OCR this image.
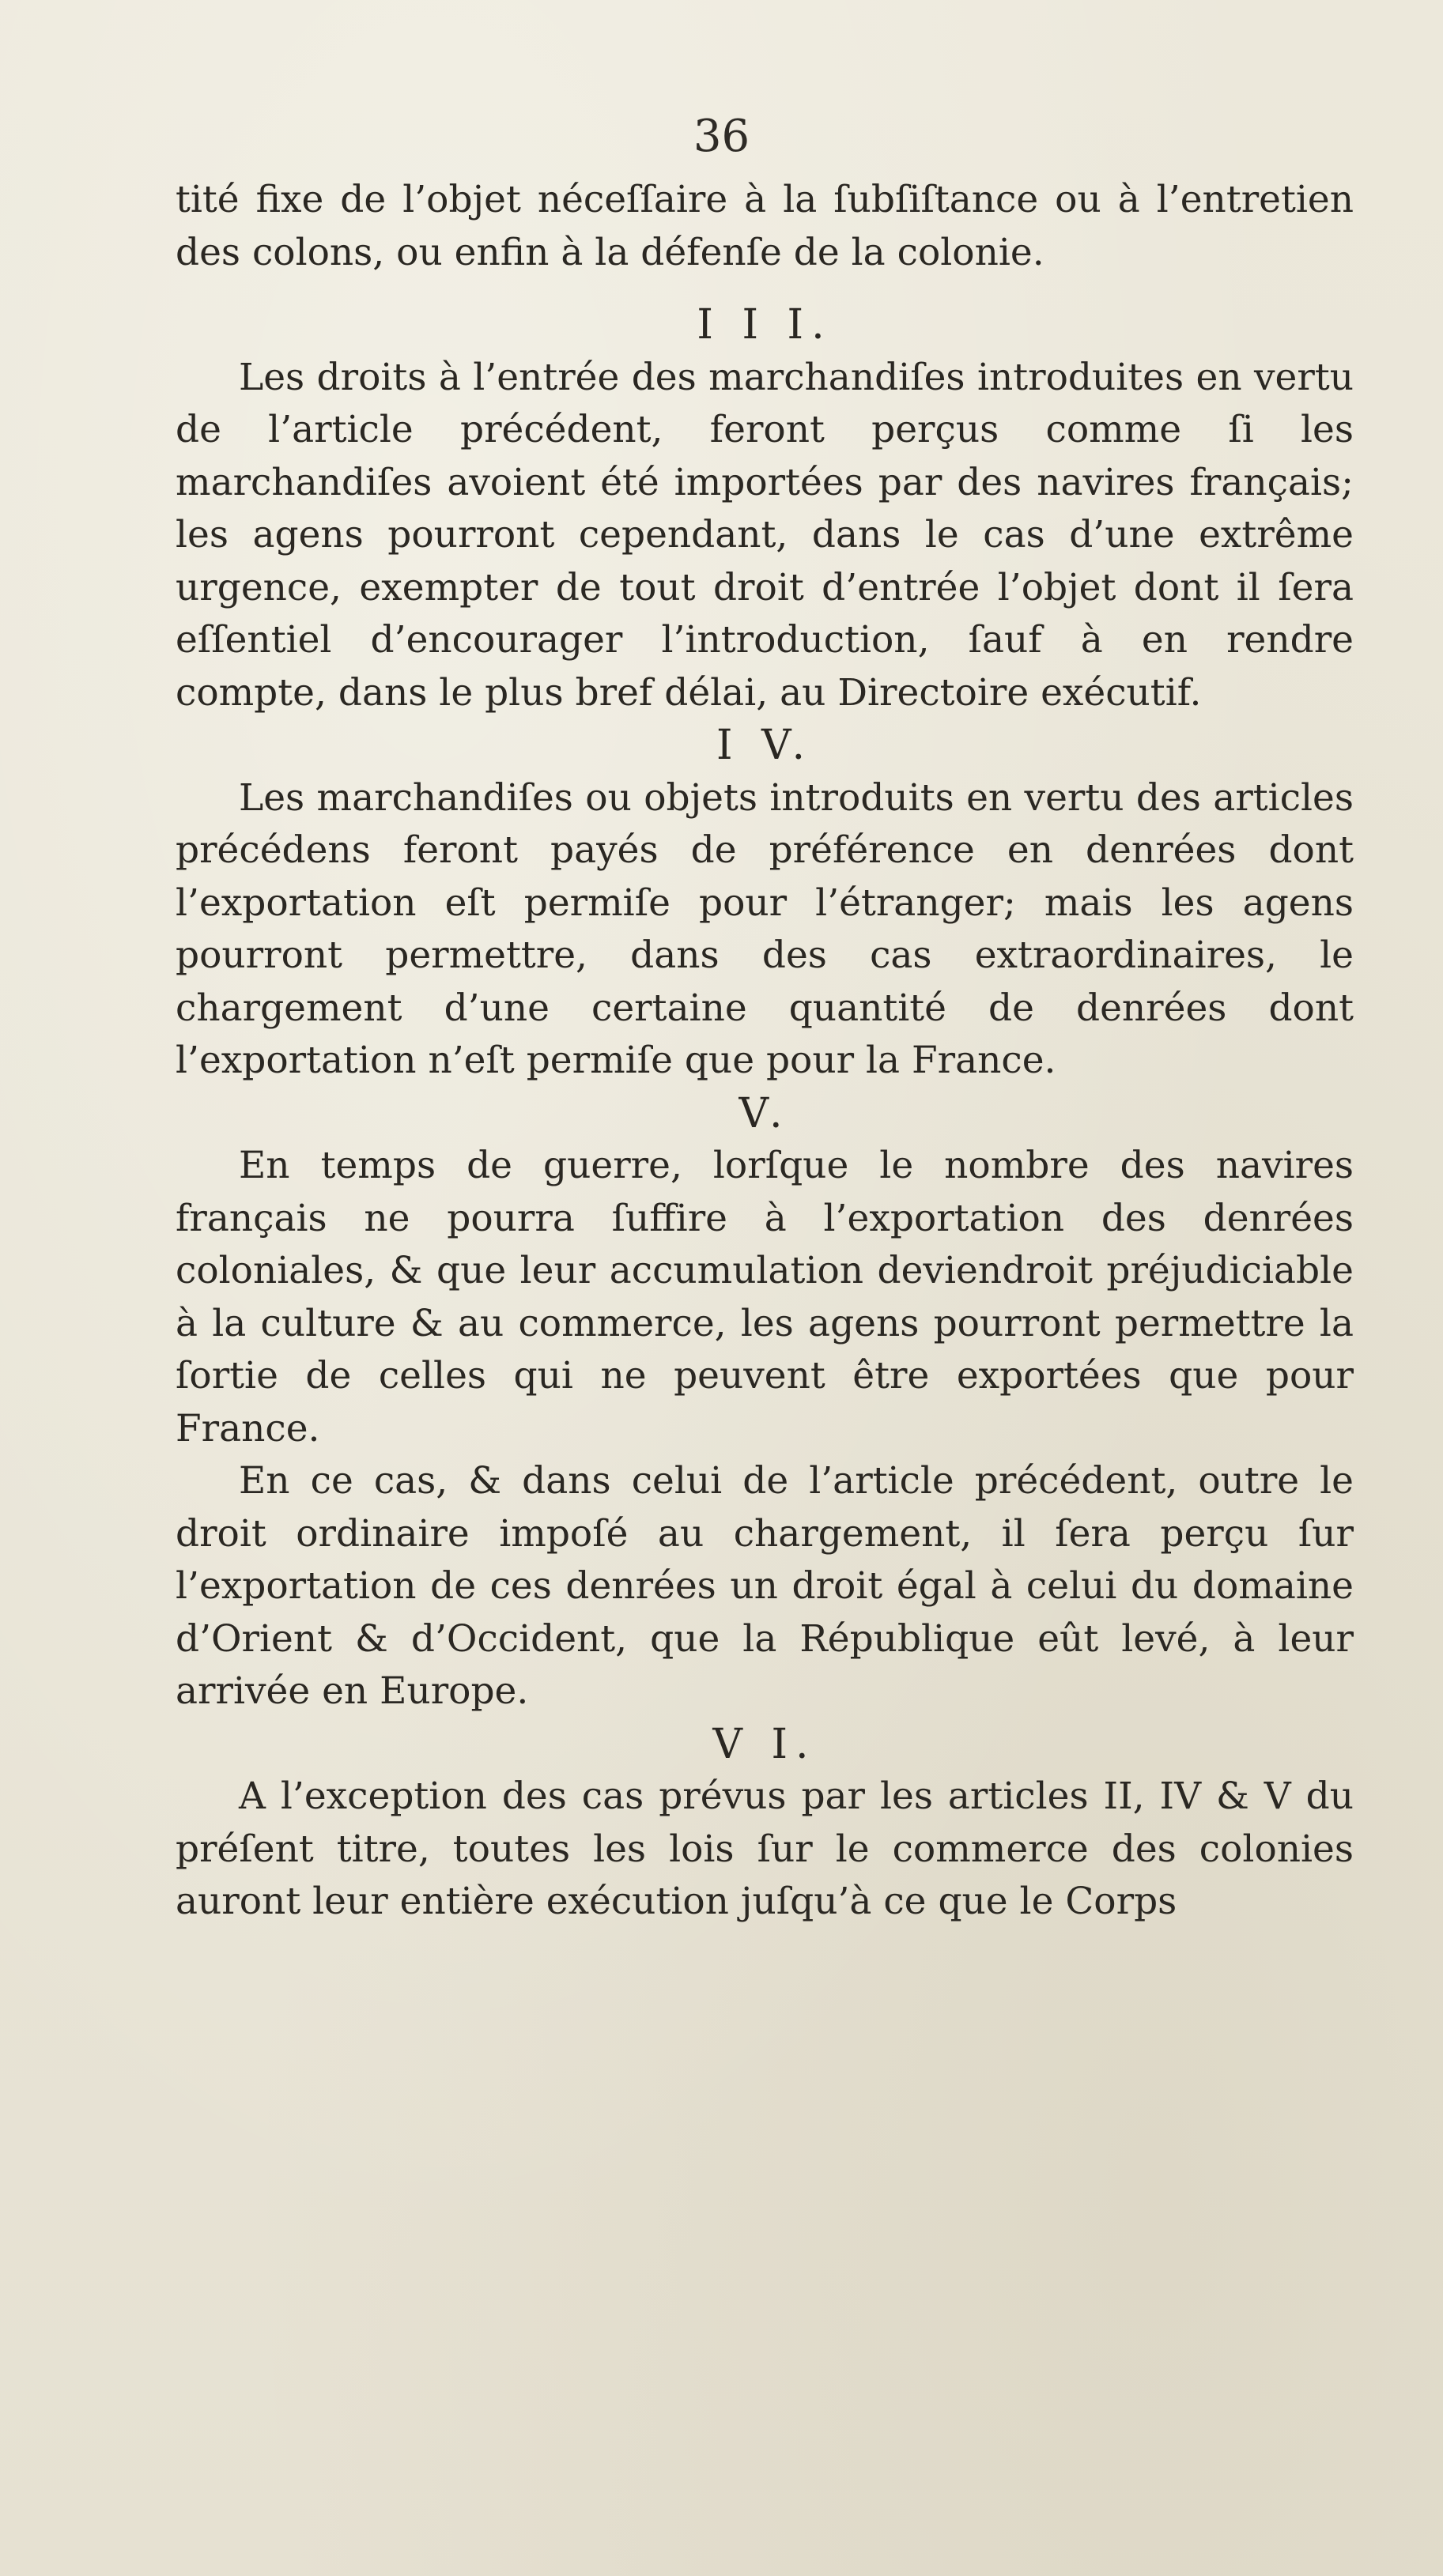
36

tité fixe de l’objet néceſſaire à la ſubſiſtance ou à l’entretien des colons, ou enfin à la défenſe de la colonie.

I I I.

Les droits à l’entrée des marchandiſes introduites en vertu de l’article précédent, feront perçus comme ſi les marchandiſes avoient été importées par des navires français; les agens pourront cependant, dans le cas d’une extrême urgence, exempter de tout droit d’entrée l’objet dont il ſera eſſentiel d’encourager l’introduction, ſauf à en rendre compte, dans le plus bref délai, au Directoire exécutif.

I V.

Les marchandiſes ou objets introduits en vertu des articles précédens feront payés de préférence en denrées dont l’exportation eſt permiſe pour l’étranger; mais les agens pourront permettre, dans des cas extraordinaires, le chargement d’une certaine quantité de denrées dont l’exportation n’eſt permiſe que pour la France.

V.

En temps de guerre, lorſque le nombre des navires français ne pourra ſuffire à l’exportation des denrées coloniales, & que leur accumulation deviendroit préjudiciable à la culture & au commerce, les agens pourront permettre la ſortie de celles qui ne peuvent être exportées que pour France.

En ce cas, & dans celui de l’article précédent, outre le droit ordinaire impoſé au chargement, il ſera perçu ſur l’exportation de ces denrées un droit égal à celui du domaine d’Orient & d’Occident, que la République eût levé, à leur arrivée en Europe.

V I.

A l’exception des cas prévus par les articles II, IV & V du préſent titre, toutes les lois ſur le commerce des colonies auront leur entière exécution juſqu’à ce que le Corps
